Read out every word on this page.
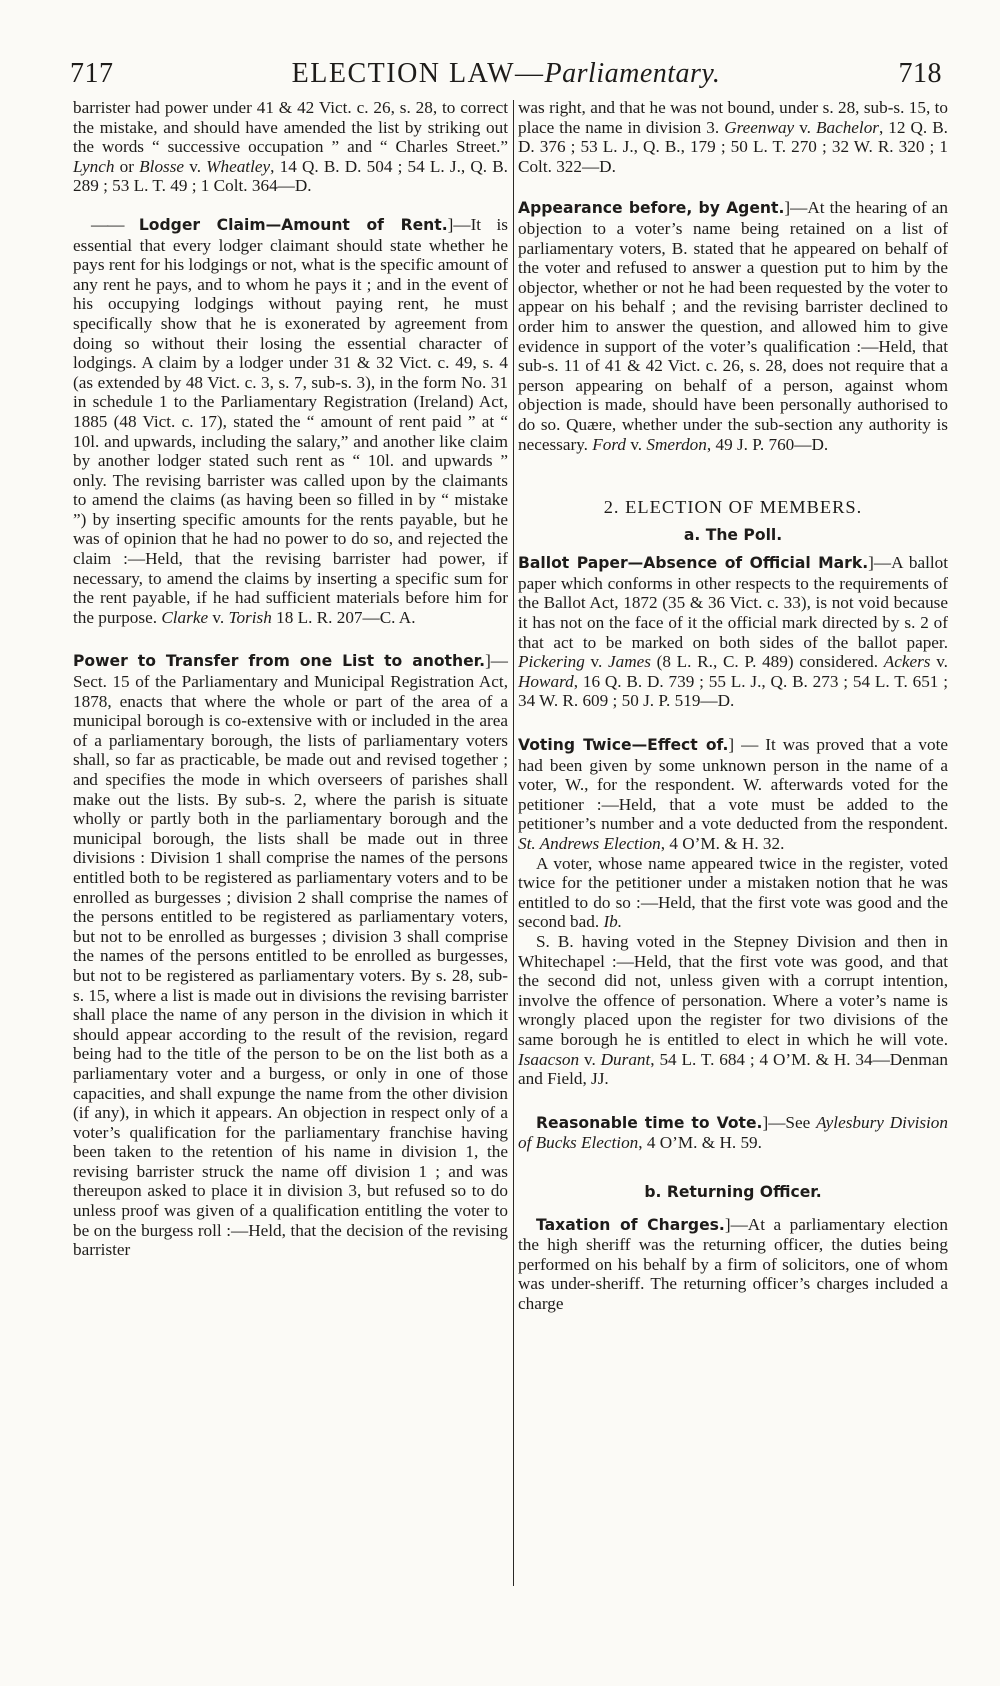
717	ELECTION LAW—Parliamentary.	718

barrister had power under 41 & 42 Vict. c. 26, s. 28, to correct the mistake, and should have amended the list by striking out the words “ successive occupation ” and “ Charles Street.” Lynch or Blosse v. Wheatley, 14 Q. B. D. 504 ; 54 L. J., Q. B. 289 ; 53 L. T. 49 ; 1 Colt. 364—D.

—— Lodger Claim—Amount of Rent.]—It is essential that every lodger claimant should state whether he pays rent for his lodgings or not, what is the specific amount of any rent he pays, and to whom he pays it ; and in the event of his occupying lodgings without paying rent, he must specifically show that he is exonerated by agreement from doing so without their losing the essential character of lodgings. A claim by a lodger under 31 & 32 Vict. c. 49, s. 4 (as extended by 48 Vict. c. 3, s. 7, sub-s. 3), in the form No. 31 in schedule 1 to the Parliamentary Registration (Ireland) Act, 1885 (48 Vict. c. 17), stated the “ amount of rent paid ” at “ 10l. and upwards, including the salary,” and another like claim by another lodger stated such rent as “ 10l. and upwards ” only. The revising barrister was called upon by the claimants to amend the claims (as having been so filled in by “ mistake ”) by inserting specific amounts for the rents payable, but he was of opinion that he had no power to do so, and rejected the claim :—Held, that the revising barrister had power, if necessary, to amend the claims by inserting a specific sum for the rent payable, if he had sufficient materials before him for the purpose. Clarke v. Torish 18 L. R. 207—C. A.

Power to Transfer from one List to another.]— Sect. 15 of the Parliamentary and Municipal Registration Act, 1878, enacts that where the whole or part of the area of a municipal borough is co-extensive with or included in the area of a parliamentary borough, the lists of parliamentary voters shall, so far as practicable, be made out and revised together ; and specifies the mode in which overseers of parishes shall make out the lists. By sub-s. 2, where the parish is situate wholly or partly both in the parliamentary borough and the municipal borough, the lists shall be made out in three divisions : Division 1 shall comprise the names of the persons entitled both to be registered as parliamentary voters and to be enrolled as burgesses ; division 2 shall comprise the names of the persons entitled to be registered as parliamentary voters, but not to be enrolled as burgesses ; division 3 shall comprise the names of the persons entitled to be enrolled as burgesses, but not to be registered as parliamentary voters. By s. 28, sub-s. 15, where a list is made out in divisions the revising barrister shall place the name of any person in the division in which it should appear according to the result of the revision, regard being had to the title of the person to be on the list both as a parliamentary voter and a burgess, or only in one of those capacities, and shall expunge the name from the other division (if any), in which it appears. An objection in respect only of a voter’s qualification for the parliamentary franchise having been taken to the retention of his name in division 1, the revising barrister struck the name off division 1 ; and was thereupon asked to place it in division 3, but refused so to do unless proof was given of a qualification entitling the voter to be on the burgess roll :—Held, that the decision of the revising barrister

was right, and that he was not bound, under s. 28, sub-s. 15, to place the name in division 3. Greenway v. Bachelor, 12 Q. B. D. 376 ; 53 L. J., Q. B., 179 ; 50 L. T. 270 ; 32 W. R. 320 ; 1 Colt. 322—D.

Appearance before, by Agent.]—At the hearing of an objection to a voter’s name being retained on a list of parliamentary voters, B. stated that he appeared on behalf of the voter and refused to answer a question put to him by the objector, whether or not he had been requested by the voter to appear on his behalf ; and the revising barrister declined to order him to answer the question, and allowed him to give evidence in support of the voter’s qualification :—Held, that sub-s. 11 of 41 & 42 Vict. c. 26, s. 28, does not require that a person appearing on behalf of a person, against whom objection is made, should have been personally authorised to do so. Quære, whether under the sub-section any authority is necessary. Ford v. Smerdon, 49 J. P. 760—D.

2. ELECTION OF MEMBERS.
a. The Poll.

Ballot Paper—Absence of Official Mark.]—A ballot paper which conforms in other respects to the requirements of the Ballot Act, 1872 (35 & 36 Vict. c. 33), is not void because it has not on the face of it the official mark directed by s. 2 of that act to be marked on both sides of the ballot paper. Pickering v. James (8 L. R., C. P. 489) considered. Ackers v. Howard, 16 Q. B. D. 739 ; 55 L. J., Q. B. 273 ; 54 L. T. 651 ; 34 W. R. 609 ; 50 J. P. 519—D.

Voting Twice—Effect of.] — It was proved that a vote had been given by some unknown person in the name of a voter, W., for the respondent. W. afterwards voted for the petitioner :—Held, that a vote must be added to the petitioner’s number and a vote deducted from the respondent. St. Andrews Election, 4 O’M. & H. 32.

A voter, whose name appeared twice in the register, voted twice for the petitioner under a mistaken notion that he was entitled to do so :—Held, that the first vote was good and the second bad. Ib.

S. B. having voted in the Stepney Division and then in Whitechapel :—Held, that the first vote was good, and that the second did not, unless given with a corrupt intention, involve the offence of personation. Where a voter’s name is wrongly placed upon the register for two divisions of the same borough he is entitled to elect in which he will vote. Isaacson v. Durant, 54 L. T. 684 ; 4 O’M. & H. 34—Denman and Field, JJ.

Reasonable time to Vote.]—See Aylesbury Division of Bucks Election, 4 O’M. & H. 59.

b. Returning Officer.

Taxation of Charges.]—At a parliamentary election the high sheriff was the returning officer, the duties being performed on his behalf by a firm of solicitors, one of whom was under-sheriff. The returning officer’s charges included a charge
